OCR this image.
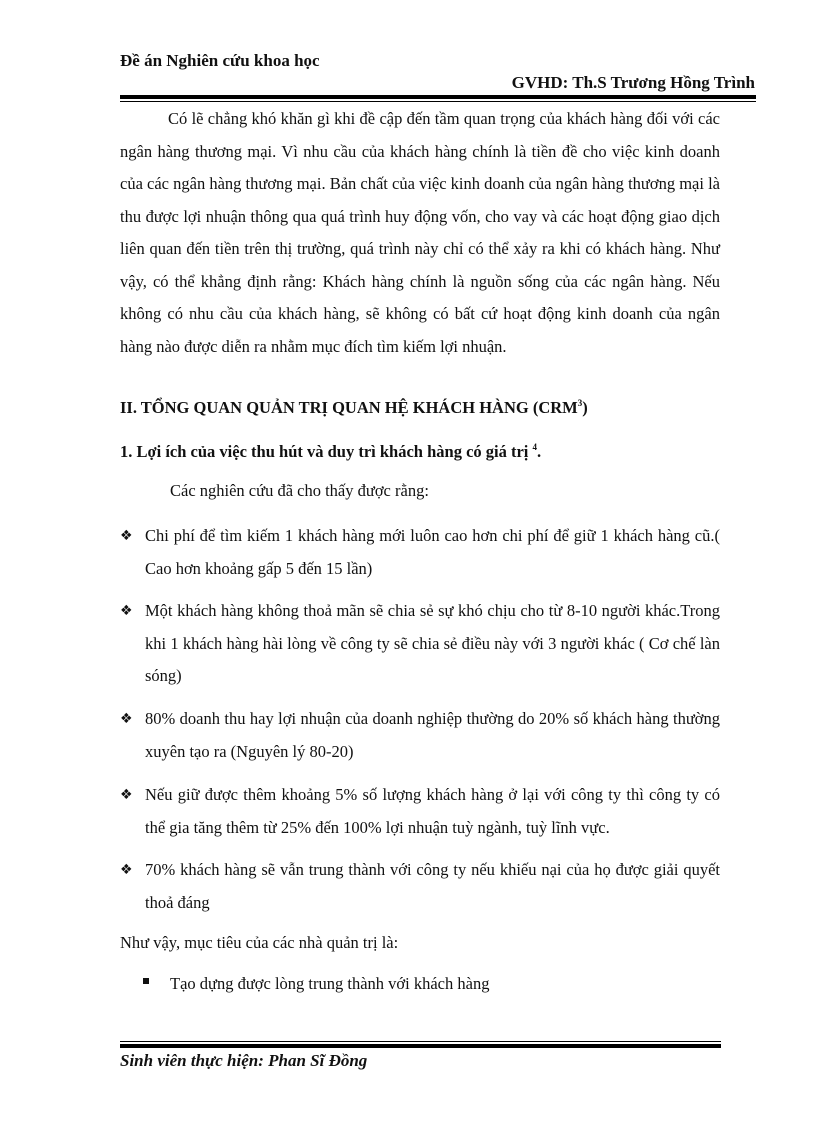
Đề án Nghiên cứu khoa học
GVHD: Th.S Trương Hồng Trình

Có lẽ chẳng khó khăn gì khi đề cập đến tầm quan trọng của khách hàng đối với các ngân hàng thương mại. Vì nhu cầu của khách hàng chính là tiền đề cho việc kinh doanh của các ngân hàng thương mại. Bản chất của việc kinh doanh của ngân hàng thương mại là thu được lợi nhuận thông qua quá trình huy động vốn, cho vay và các hoạt động giao dịch liên quan đến tiền trên thị trường, quá trình này chỉ có thể xảy ra khi có khách hàng. Như vậy, có thể khẳng định rằng: Khách hàng chính là nguồn sống của các ngân hàng. Nếu không có nhu cầu của khách hàng, sẽ không có bất cứ hoạt động kinh doanh của ngân hàng nào được diễn ra nhằm mục đích tìm kiếm lợi nhuận.

II. TỔNG QUAN QUẢN TRỊ QUAN HỆ KHÁCH HÀNG (CRM$^3$)
1. Lợi ích của việc thu hút và duy trì khách hàng có giá trị $^4$.
Các nghiên cứu đã cho thấy được rằng:
❖ Chi phí để tìm kiếm 1 khách hàng mới luôn cao hơn chi phí để giữ 1 khách hàng cũ.( Cao hơn khoảng gấp 5 đến 15 lần)
❖ Một khách hàng không thoả mãn sẽ chia sẻ sự khó chịu cho từ 8-10 người khác.Trong khi 1 khách hàng hài lòng về công ty sẽ chia sẻ điều này với 3 người khác ( Cơ chế làn sóng)
❖ 80% doanh thu hay lợi nhuận của doanh nghiệp thường do 20% số khách hàng thường xuyên tạo ra (Nguyên lý 80-20)
❖ Nếu giữ được thêm khoảng 5% số lượng khách hàng ở lại với công ty thì công ty có thể gia tăng thêm từ 25% đến 100% lợi nhuận tuỳ ngành, tuỳ lĩnh vực.
❖ 70% khách hàng sẽ vẫn trung thành với công ty nếu khiếu nại của họ được giải quyết thoả đáng
Như vậy, mục tiêu của các nhà quản trị là:
Tạo dựng được lòng trung thành với khách hàng
Sinh viên thực hiện: Phan Sĩ Đồng
